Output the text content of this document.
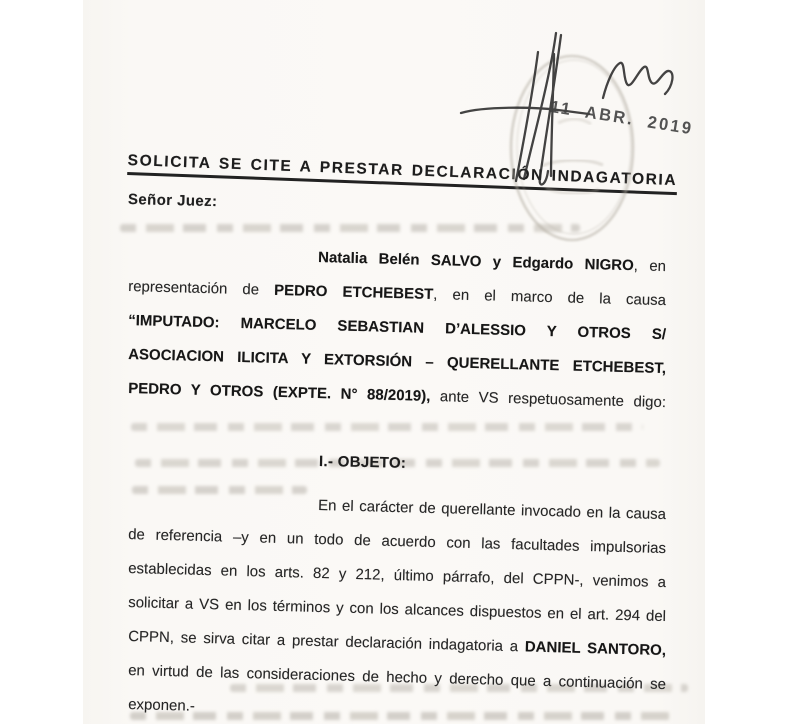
SOLICITA SE CITE A PRESTAR DECLARACIÓN INDAGATORIA
Señor Juez:
Natalia Belén SALVO y Edgardo NIGRO, en
representación de PEDRO ETCHEBEST, en el marco de la causa
“IMPUTADO: MARCELO SEBASTIAN D’ALESSIO Y OTROS S/
ASOCIACION ILICITA Y EXTORSIÓN – QUERELLANTE ETCHEBEST,
PEDRO Y OTROS (EXPTE. N° 88/2019), ante VS respetuosamente digo:
I.- OBJETO:
En el carácter de querellante invocado en la causa
de referencia –y en un todo de acuerdo con las facultades impulsorias
establecidas en los arts. 82 y 212, último párrafo, del CPPN-, venimos a
solicitar a VS en los términos y con los alcances dispuestos en el art. 294 del
CPPN, se sirva citar a prestar declaración indagatoria a DANIEL SANTORO,
en virtud de las consideraciones de hecho y derecho que a continuación se
exponen.-
11 ABR. 2019
